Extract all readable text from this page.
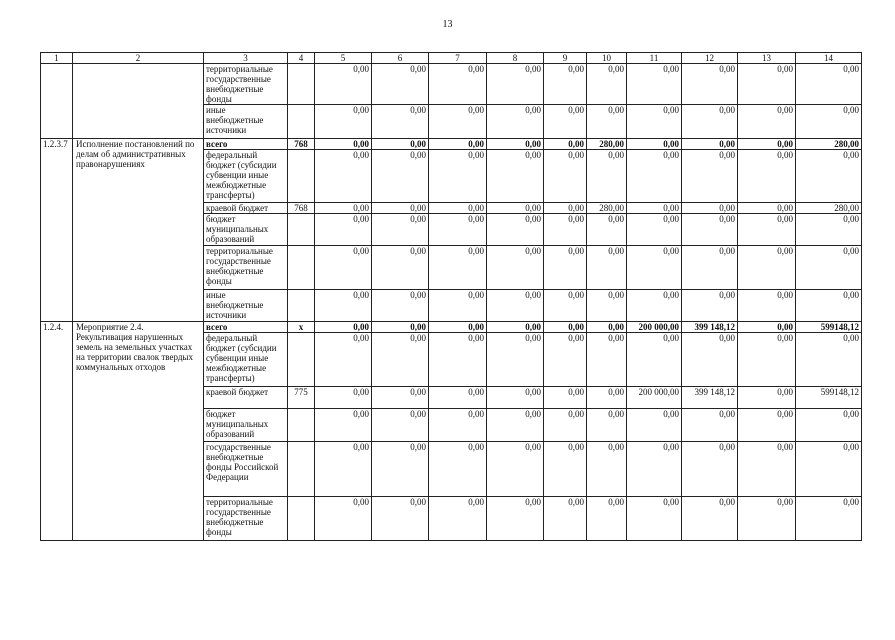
13
1	2	3	4	5	6	7	8	9	10	11	12	13	14
		территориальные государственные внебюджетные фонды		0,00	0,00	0,00	0,00	0,00	0,00	0,00	0,00	0,00	0,00
		иные внебюджетные источники		0,00	0,00	0,00	0,00	0,00	0,00	0,00	0,00	0,00	0,00
1.2.3.7	Исполнение постановлений по делам об административных правонарушениях	всего	768	0,00	0,00	0,00	0,00	0,00	280,00	0,00	0,00	0,00	280,00
		федеральный бюджет (субсидии субвенции иные межбюджетные трансферты)		0,00	0,00	0,00	0,00	0,00	0,00	0,00	0,00	0,00	0,00
		краевой бюджет	768	0,00	0,00	0,00	0,00	0,00	280,00	0,00	0,00	0,00	280,00
		бюджет муниципальных образований		0,00	0,00	0,00	0,00	0,00	0,00	0,00	0,00	0,00	0,00
		территориальные государственные внебюджетные фонды		0,00	0,00	0,00	0,00	0,00	0,00	0,00	0,00	0,00	0,00
		иные внебюджетные источники		0,00	0,00	0,00	0,00	0,00	0,00	0,00	0,00	0,00	0,00
1.2.4.	Мероприятие 2.4. Рекультивация нарушенных земель на земельных участках на территории свалок твердых коммунальных отходов	всего	х	0,00	0,00	0,00	0,00	0,00	0,00	200 000,00	399 148,12	0,00	599148,12
		федеральный бюджет (субсидии субвенции иные межбюджетные трансферты)		0,00	0,00	0,00	0,00	0,00	0,00	0,00	0,00	0,00	0,00
		краевой бюджет	775	0,00	0,00	0,00	0,00	0,00	0,00	200 000,00	399 148,12	0,00	599148,12
		бюджет муниципальных образований		0,00	0,00	0,00	0,00	0,00	0,00	0,00	0,00	0,00	0,00
		государственные внебюджетные фонды Российской Федерации		0,00	0,00	0,00	0,00	0,00	0,00	0,00	0,00	0,00	0,00
		территориальные государственные внебюджетные фонды		0,00	0,00	0,00	0,00	0,00	0,00	0,00	0,00	0,00	0,00
